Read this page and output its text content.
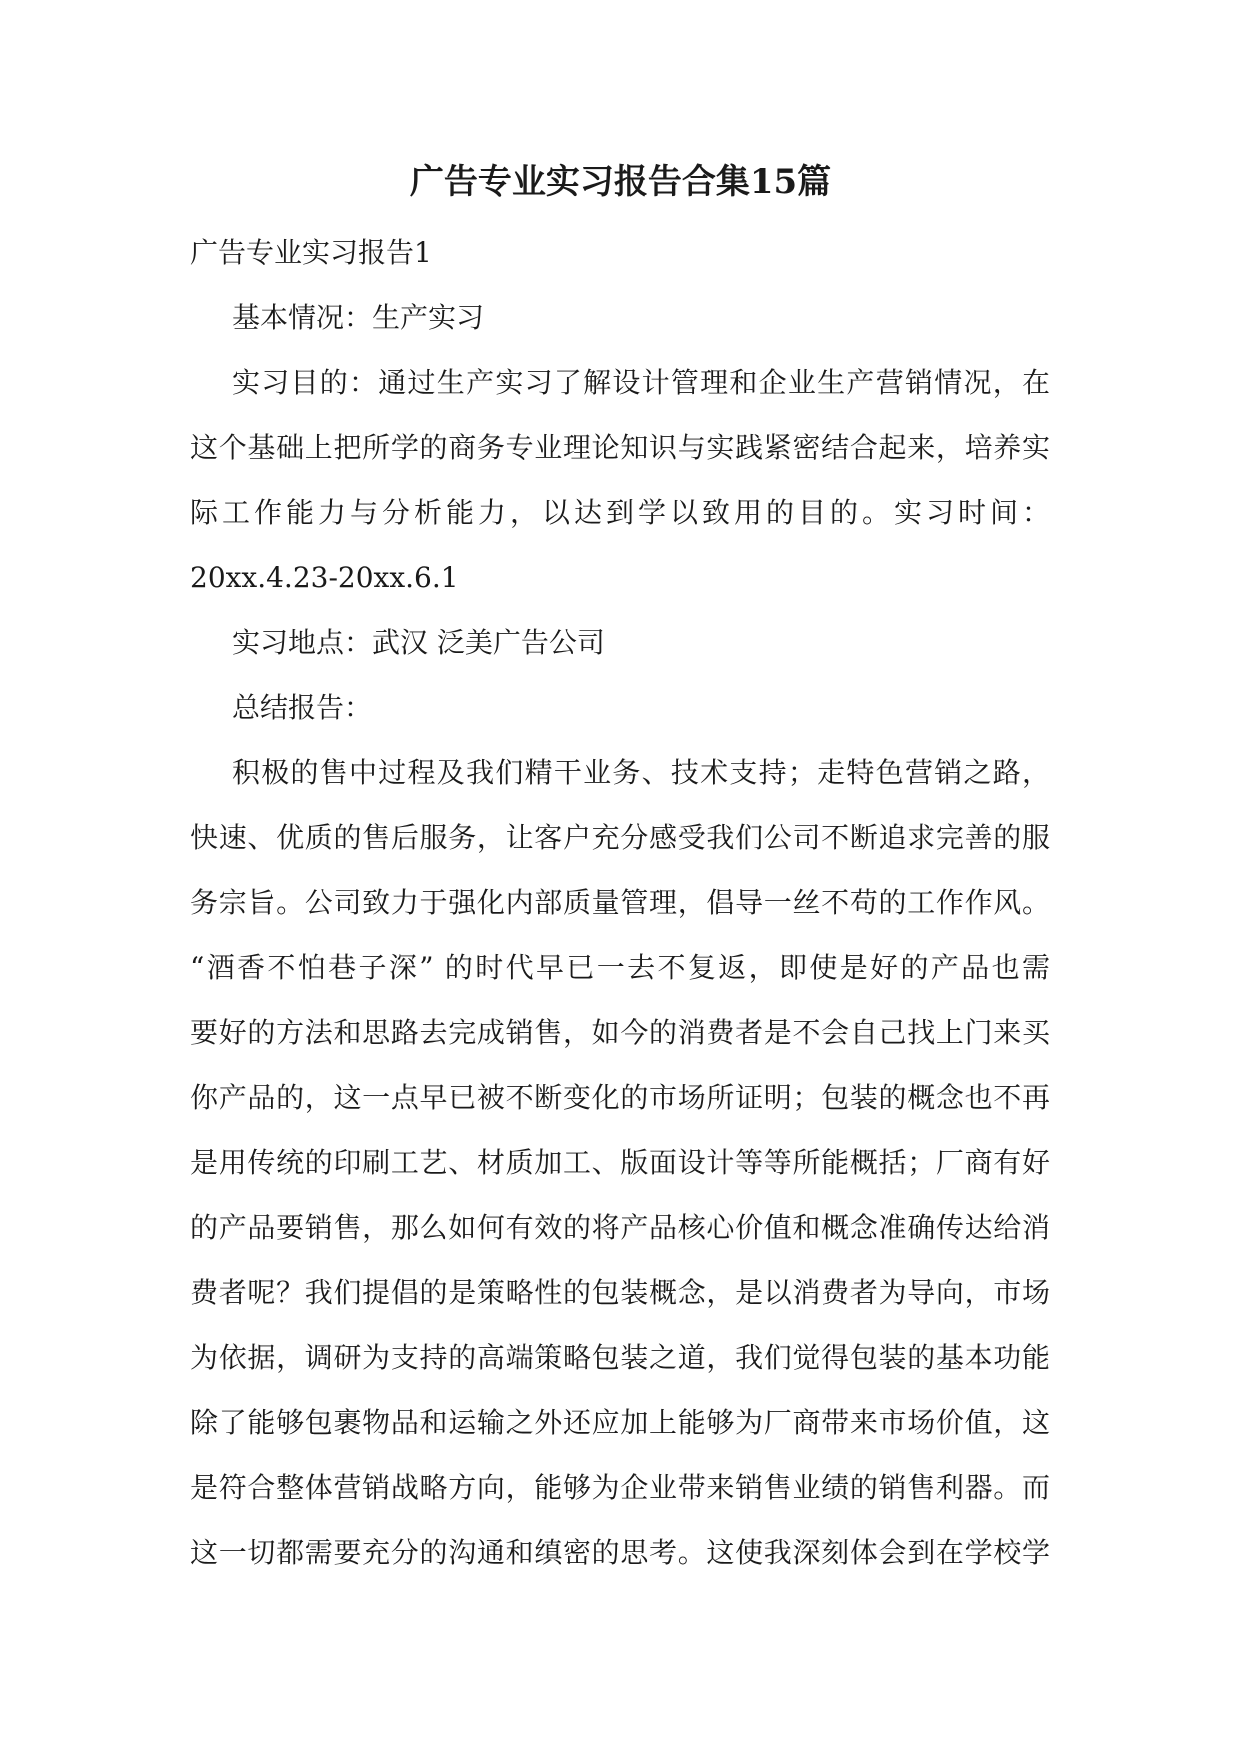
广告专业实习报告合集15篇

广告专业实习报告1

基本情况：生产实习

实习目的：通过生产实习了解设计管理和企业生产营销情况，在

这个基础上把所学的商务专业理论知识与实践紧密结合起来，培养实

际工作能力与分析能力，以达到学以致用的目的。实习时间：

20xx.4.23-20xx.6.1

实习地点：武汉 泛美广告公司

总结报告：

积极的售中过程及我们精干业务、技术支持；走特色营销之路，

快速、优质的售后服务，让客户充分感受我们公司不断追求完善的服

务宗旨。公司致力于强化内部质量管理，倡导一丝不苟的工作作风。

“酒香不怕巷子深” 的时代早已一去不复返，即使是好的产品也需

要好的方法和思路去完成销售，如今的消费者是不会自己找上门来买

你产品的，这一点早已被不断变化的市场所证明；包装的概念也不再

是用传统的印刷工艺、材质加工、版面设计等等所能概括；厂商有好

的产品要销售，那么如何有效的将产品核心价值和概念准确传达给消

费者呢？我们提倡的是策略性的包装概念，是以消费者为导向，市场

为依据，调研为支持的高端策略包装之道，我们觉得包装的基本功能

除了能够包裹物品和运输之外还应加上能够为厂商带来市场价值，这

是符合整体营销战略方向，能够为企业带来销售业绩的销售利器。而

这一切都需要充分的沟通和缜密的思考。这使我深刻体会到在学校学
